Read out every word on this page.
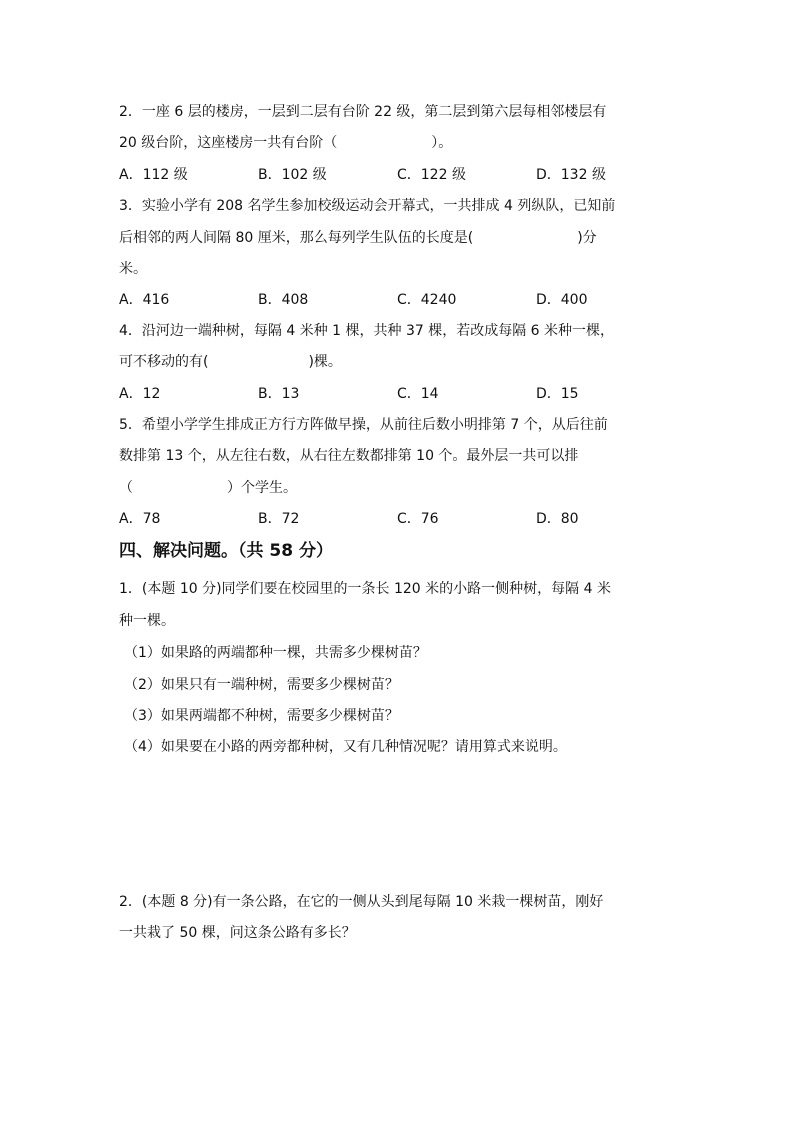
2．一座 6 层的楼房，一层到二层有台阶 22 级，第二层到第六层每相邻楼层有
20 级台阶，这座楼房一共有台阶（	）。
A．112 级	B．102 级	C．122 级	D．132 级
3．实验小学有 208 名学生参加校级运动会开幕式，一共排成 4 列纵队，已知前
后相邻的两人间隔 80 厘米，那么每列学生队伍的长度是(	)分
米。
A．416	B．408	C．4240	D．400
4．沿河边一端种树，每隔 4 米种 1 棵，共种 37 棵，若改成每隔 6 米种一棵，
可不移动的有(	)棵。
A．12	B．13	C．14	D．15
5．希望小学学生排成正方行方阵做早操，从前往后数小明排第 7 个，从后往前
数排第 13 个，从左往右数，从右往左数都排第 10 个。最外层一共可以排
（	）个学生。
A．78	B．72	C．76	D．80
四、解决问题。（共 58 分）
1．(本题 10 分)同学们要在校园里的一条长 120 米的小路一侧种树，每隔 4 米
种一棵。
（1）如果路的两端都种一棵，共需多少棵树苗？
（2）如果只有一端种树，需要多少棵树苗？
（3）如果两端都不种树，需要多少棵树苗？
（4）如果要在小路的两旁都种树，又有几种情况呢？请用算式来说明。
2．(本题 8 分)有一条公路，在它的一侧从头到尾每隔 10 米栽一棵树苗，刚好
一共栽了 50 棵，问这条公路有多长？
